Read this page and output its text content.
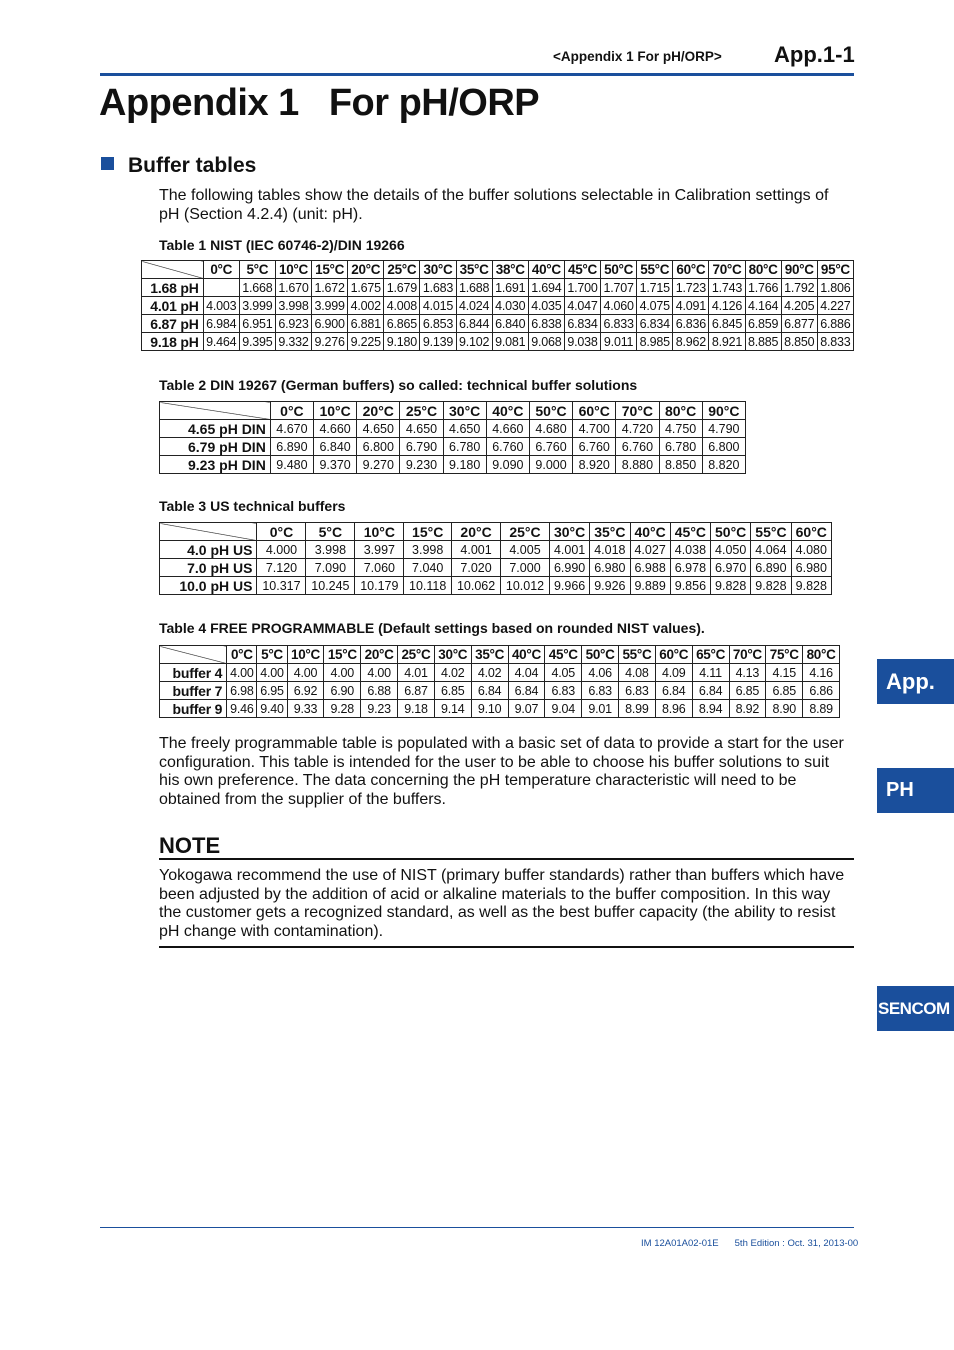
<Appendix 1 For pH/ORP> App.1-1
Appendix 1 For pH/ORP
Buffer tables

The following tables show the details of the buffer solutions selectable in Calibration settings of pH (Section 4.2.4) (unit: pH).

Table 1 NIST (IEC 60746-2)/DIN 19266
	0°C	5°C	10°C	15°C	20°C	25°C	30°C	35°C	38°C	40°C	45°C	50°C	55°C	60°C	70°C	80°C	90°C	95°C
1.68 pH		1.668	1.670	1.672	1.675	1.679	1.683	1.688	1.691	1.694	1.700	1.707	1.715	1.723	1.743	1.766	1.792	1.806
4.01 pH	4.003	3.999	3.998	3.999	4.002	4.008	4.015	4.024	4.030	4.035	4.047	4.060	4.075	4.091	4.126	4.164	4.205	4.227
6.87 pH	6.984	6.951	6.923	6.900	6.881	6.865	6.853	6.844	6.840	6.838	6.834	6.833	6.834	6.836	6.845	6.859	6.877	6.886
9.18 pH	9.464	9.395	9.332	9.276	9.225	9.180	9.139	9.102	9.081	9.068	9.038	9.011	8.985	8.962	8.921	8.885	8.850	8.833
Table 2 DIN 19267 (German buffers) so called: technical buffer solutions
	0°C	10°C	20°C	25°C	30°C	40°C	50°C	60°C	70°C	80°C	90°C
4.65 pH DIN	4.670	4.660	4.650	4.650	4.650	4.660	4.680	4.700	4.720	4.750	4.790
6.79 pH DIN	6.890	6.840	6.800	6.790	6.780	6.760	6.760	6.760	6.760	6.780	6.800
9.23 pH DIN	9.480	9.370	9.270	9.230	9.180	9.090	9.000	8.920	8.880	8.850	8.820
Table 3 US technical buffers
	0°C	5°C	10°C	15°C	20°C	25°C	30°C	35°C	40°C	45°C	50°C	55°C	60°C
4.0 pH US	4.000	3.998	3.997	3.998	4.001	4.005	4.001	4.018	4.027	4.038	4.050	4.064	4.080
7.0 pH US	7.120	7.090	7.060	7.040	7.020	7.000	6.990	6.980	6.988	6.978	6.970	6.890	6.980
10.0 pH US	10.317	10.245	10.179	10.118	10.062	10.012	9.966	9.926	9.889	9.856	9.828	9.828	9.828
Table 4 FREE PROGRAMMABLE (Default settings based on rounded NIST values).
	0°C	5°C	10°C	15°C	20°C	25°C	30°C	35°C	40°C	45°C	50°C	55°C	60°C	65°C	70°C	75°C	80°C
buffer 4	4.00	4.00	4.00	4.00	4.00	4.01	4.02	4.02	4.04	4.05	4.06	4.08	4.09	4.11	4.13	4.15	4.16
buffer 7	6.98	6.95	6.92	6.90	6.88	6.87	6.85	6.84	6.84	6.83	6.83	6.83	6.84	6.84	6.85	6.85	6.86
buffer 9	9.46	9.40	9.33	9.28	9.23	9.18	9.14	9.10	9.07	9.04	9.01	8.99	8.96	8.94	8.92	8.90	8.89

The freely programmable table is populated with a basic set of data to provide a start for the user configuration. This table is intended for the user to be able to choose his buffer solutions to suit his own preference. The data concerning the pH temperature characteristic will need to be obtained from the supplier of the buffers.

NOTE

Yokogawa recommend the use of NIST (primary buffer standards) rather than buffers which have been adjusted by the addition of acid or alkaline materials to the buffer composition. In this way the customer gets a recognized standard, as well as the best buffer capacity (the ability to resist pH change with contamination).

App.
PH
SENCOM
IM 12A01A02-01E 5th Edition : Oct. 31, 2013-00
